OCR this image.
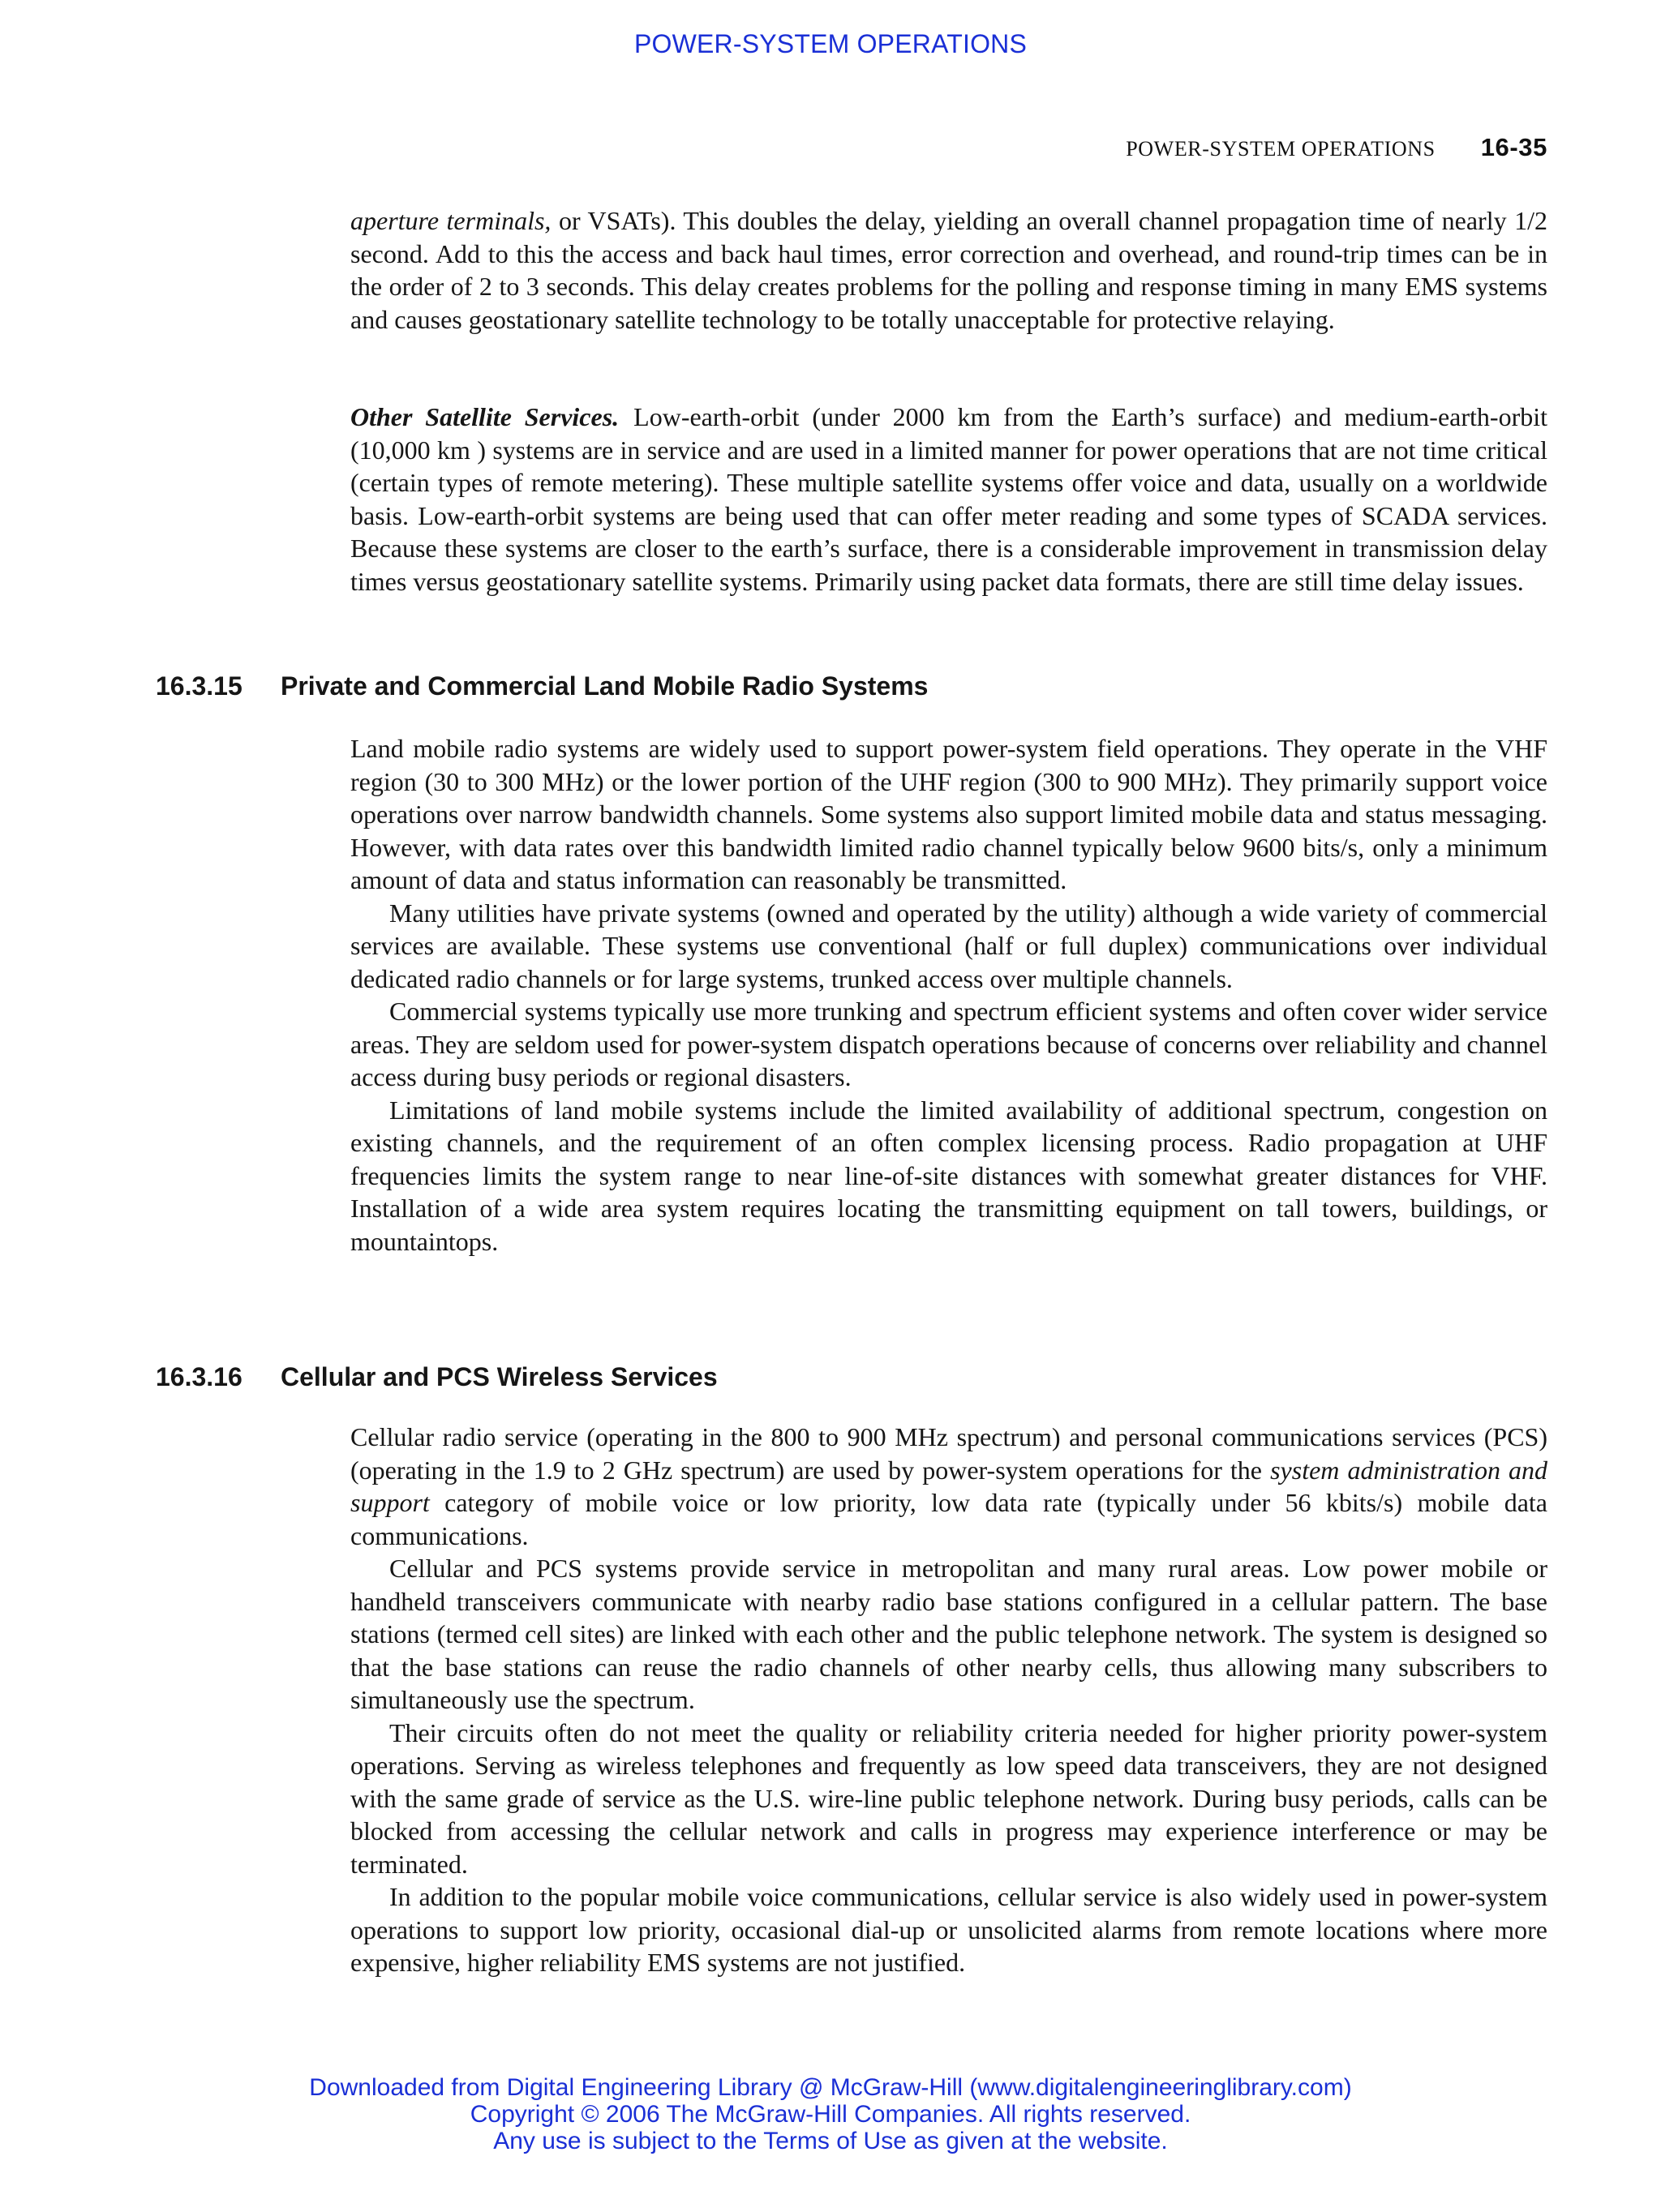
POWER-SYSTEM OPERATIONS
POWER-SYSTEM OPERATIONS 16-35

aperture terminals, or VSATs). This doubles the delay, yielding an overall channel propagation time of nearly 1/2 second. Add to this the access and back haul times, error correction and overhead, and round-trip times can be in the order of 2 to 3 seconds. This delay creates problems for the polling and response timing in many EMS systems and causes geostationary satellite technology to be totally unacceptable for protective relaying.

Other Satellite Services. Low-earth-orbit (under 2000 km from the Earth’s surface) and medium-earth-orbit (10,000 km ) systems are in service and are used in a limited manner for power operations that are not time critical (certain types of remote metering). These multiple satellite systems offer voice and data, usually on a worldwide basis. Low-earth-orbit systems are being used that can offer meter reading and some types of SCADA services. Because these systems are closer to the earth’s surface, there is a considerable improvement in transmission delay times versus geostationary satellite systems. Primarily using packet data formats, there are still time delay issues.

16.3.15 Private and Commercial Land Mobile Radio Systems

Land mobile radio systems are widely used to support power-system field operations. They operate in the VHF region (30 to 300 MHz) or the lower portion of the UHF region (300 to 900 MHz). They primarily support voice operations over narrow bandwidth channels. Some systems also support limited mobile data and status messaging. However, with data rates over this bandwidth limited radio channel typically below 9600 bits/s, only a minimum amount of data and status information can reasonably be transmitted.

Many utilities have private systems (owned and operated by the utility) although a wide variety of commercial services are available. These systems use conventional (half or full duplex) communications over individual dedicated radio channels or for large systems, trunked access over multiple channels.

Commercial systems typically use more trunking and spectrum efficient systems and often cover wider service areas. They are seldom used for power-system dispatch operations because of concerns over reliability and channel access during busy periods or regional disasters.

Limitations of land mobile systems include the limited availability of additional spectrum, congestion on existing channels, and the requirement of an often complex licensing process. Radio propagation at UHF frequencies limits the system range to near line-of-site distances with somewhat greater distances for VHF. Installation of a wide area system requires locating the transmitting equipment on tall towers, buildings, or mountaintops.

16.3.16 Cellular and PCS Wireless Services

Cellular radio service (operating in the 800 to 900 MHz spectrum) and personal communications services (PCS) (operating in the 1.9 to 2 GHz spectrum) are used by power-system operations for the system administration and support category of mobile voice or low priority, low data rate (typically under 56 kbits/s) mobile data communications.

Cellular and PCS systems provide service in metropolitan and many rural areas. Low power mobile or handheld transceivers communicate with nearby radio base stations configured in a cellular pattern. The base stations (termed cell sites) are linked with each other and the public telephone network. The system is designed so that the base stations can reuse the radio channels of other nearby cells, thus allowing many subscribers to simultaneously use the spectrum.

Their circuits often do not meet the quality or reliability criteria needed for higher priority power-system operations. Serving as wireless telephones and frequently as low speed data transceivers, they are not designed with the same grade of service as the U.S. wire-line public telephone network. During busy periods, calls can be blocked from accessing the cellular network and calls in progress may experience interference or may be terminated.

In addition to the popular mobile voice communications, cellular service is also widely used in power-system operations to support low priority, occasional dial-up or unsolicited alarms from remote locations where more expensive, higher reliability EMS systems are not justified.

Downloaded from Digital Engineering Library @ McGraw-Hill (www.digitalengineeringlibrary.com)
Copyright © 2006 The McGraw-Hill Companies. All rights reserved.
Any use is subject to the Terms of Use as given at the website.
